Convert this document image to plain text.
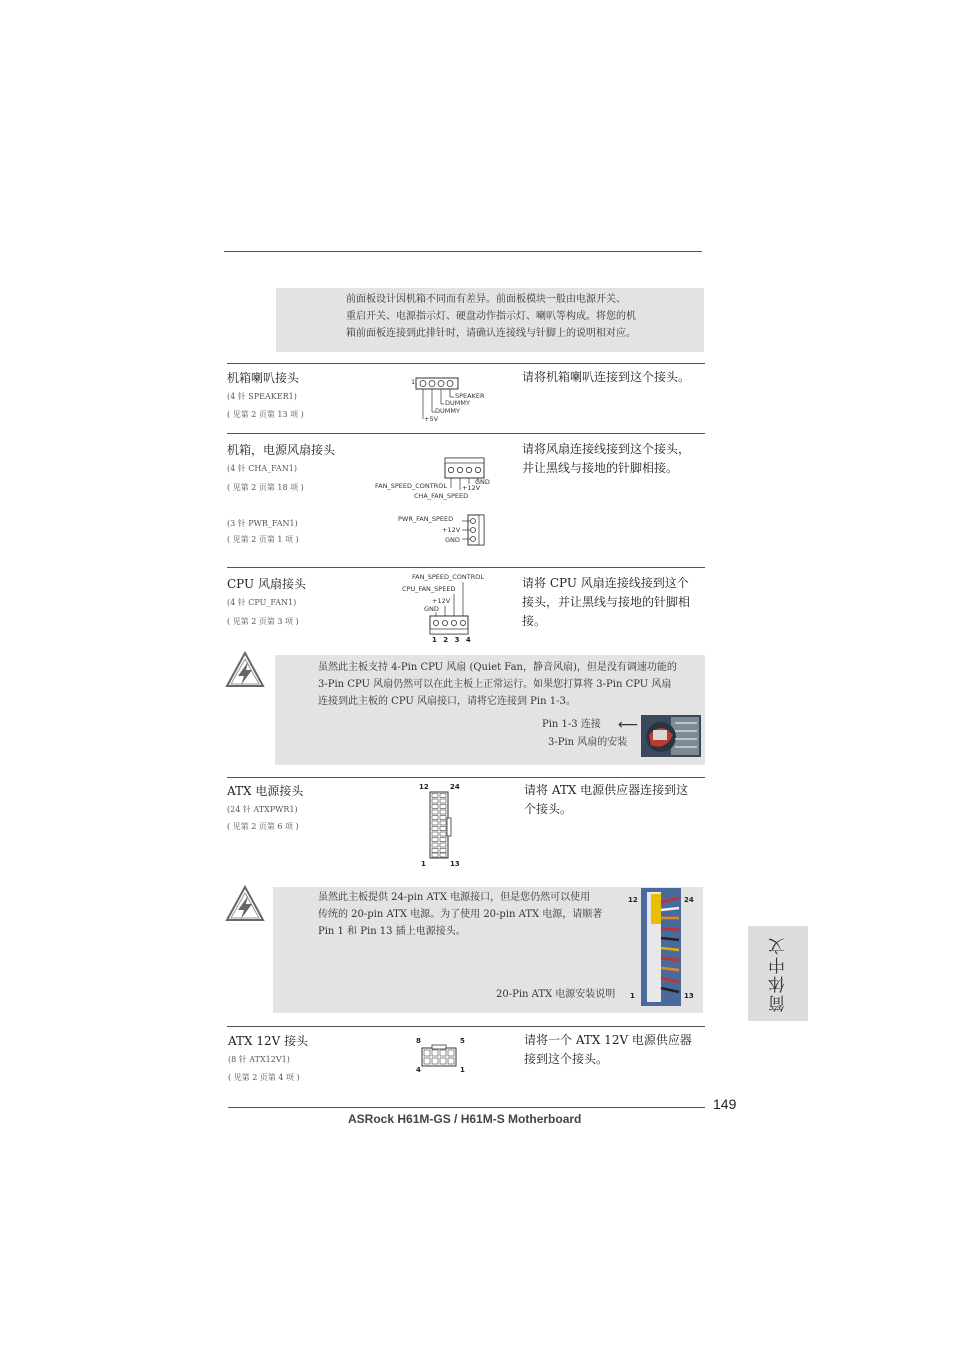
前面板设计因机箱不同而有差异。前面板模块一般由电源开关、
重启开关、电源指示灯、硬盘动作指示灯、喇叭等构成。将您的机
箱前面板连接到此排针时，请确认连接线与针脚上的说明相对应。
机箱喇叭接头
(4 针 SPEAKER1)
( 见第 2 页第 13 项 )
请将机箱喇叭连接到这个接头。
1
SPEAKER
DUMMY
DUMMY
+5V
机箱，电源风扇接头
(4 针 CHA_FAN1)
( 见第 2 页第 18 项 )
请将风扇连接线接到这个接头，并让黑线与接地的针脚相接。
GND
+12V
FAN_SPEED_CONTROL
CHA_FAN_SPEED
(3 针 PWR_FAN1)
( 见第 2 页第 1 项 )
PWR_FAN_SPEED
+12V
GND
CPU 风扇接头
(4 针 CPU_FAN1)
( 见第 2 页第 3 项 )
请将 CPU 风扇连接线接到这个接头，并让黑线与接地的针脚相接。
FAN_SPEED_CONTROL
CPU_FAN_SPEED
+12V
GND
1 2 3 4
虽然此主板支持 4-Pin CPU 风扇 (Quiet Fan，静音风扇)，但是没有调速功能的
3-Pin CPU 风扇仍然可以在此主板上正常运行。如果您打算将 3-Pin CPU 风扇
连接到此主板的 CPU 风扇接口，请将它连接到 Pin 1-3。
Pin 1-3 连接 ⟵
3-Pin 风扇的安装
ATX 电源接头
(24 针 ATXPWR1)
( 见第 2 页第 6 项 )
请将 ATX 电源供应器连接到这个接头。
12	24
1	13
虽然此主板提供 24-pin ATX 电源接口，但是您仍然可以使用
传统的 20-pin ATX 电源。为了使用 20-pin ATX 电源，请顺著
Pin 1 和 Pin 13 插上电源接头。
20-Pin ATX 电源安装说明
12	24
1	13
ATX 12V 接头
(8 针 ATX12V1)
( 见第 2 页第 4 项 )
请将一个 ATX 12V 电源供应器接到这个接头。
8	5
4	1
简体中文
149
ASRock H61M-GS / H61M-S Motherboard
